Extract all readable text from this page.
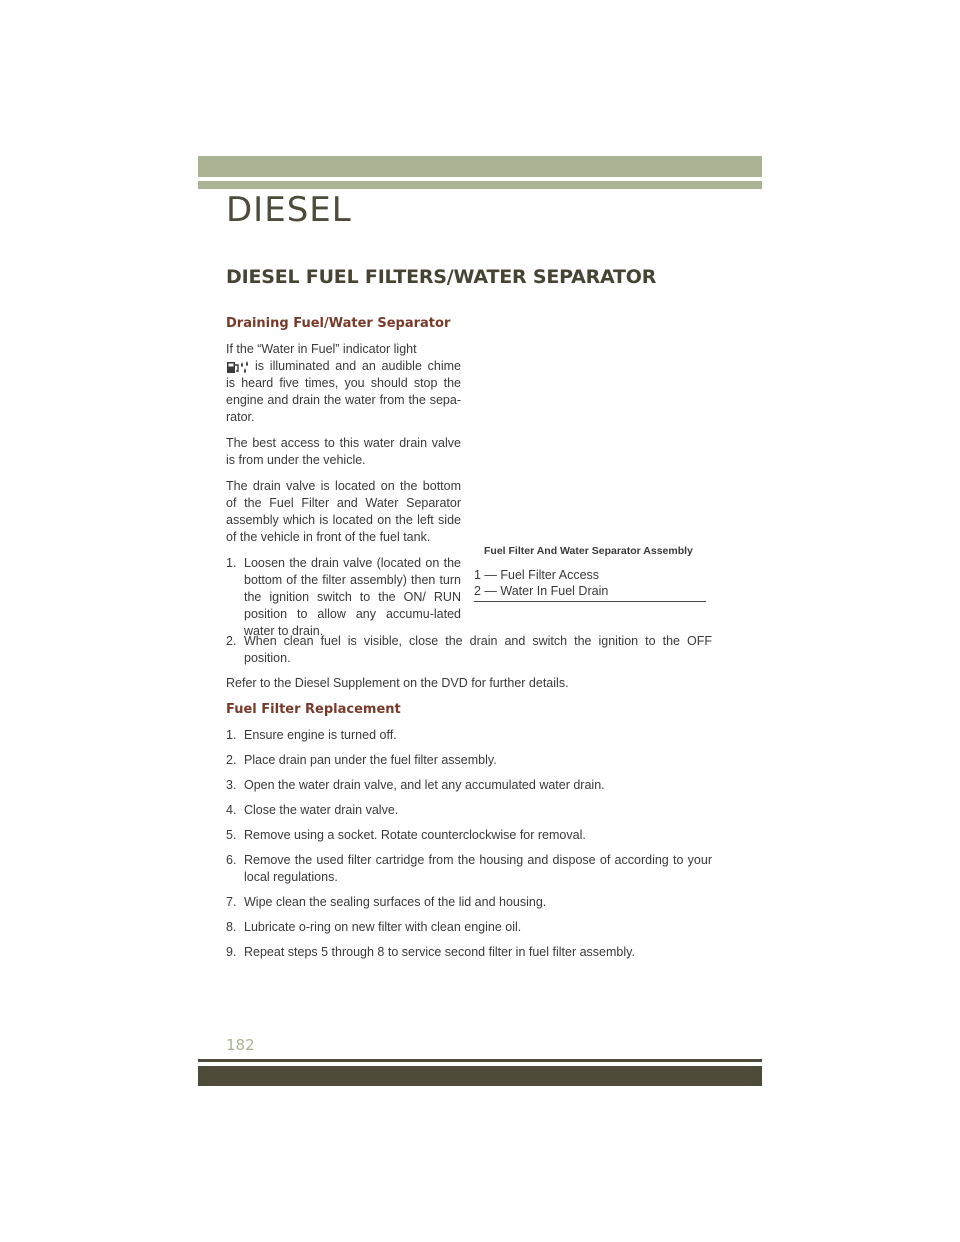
DIESEL
DIESEL FUEL FILTERS/WATER SEPARATOR
Draining Fuel/Water Separator

If the “Water in Fuel” indicator light
is illuminated and an audible chime is heard five times, you should stop the engine and drain the water from the sepa-rator.

The best access to this water drain valve is from under the vehicle.

The drain valve is located on the bottom of the Fuel Filter and Water Separator assembly which is located on the left side of the vehicle in front of the fuel tank.

1. Loosen the drain valve (located on the bottom of the filter assembly) then turn the ignition switch to the ON/ RUN position to allow any accumu-lated water to drain.

Fuel Filter And Water Separator Assembly

1 — Fuel Filter Access
2 — Water In Fuel Drain
2. When clean fuel is visible, close the drain and switch the ignition to the OFF position.

Refer to the Diesel Supplement on the DVD for further details.

Fuel Filter Replacement
1. Ensure engine is turned off.
2. Place drain pan under the fuel filter assembly.
3. Open the water drain valve, and let any accumulated water drain.
4. Close the water drain valve.
5. Remove using a socket. Rotate counterclockwise for removal.
6. Remove the used filter cartridge from the housing and dispose of according to your local regulations.
7. Wipe clean the sealing surfaces of the lid and housing.
8. Lubricate o-ring on new filter with clean engine oil.
9. Repeat steps 5 through 8 to service second filter in fuel filter assembly.
182
